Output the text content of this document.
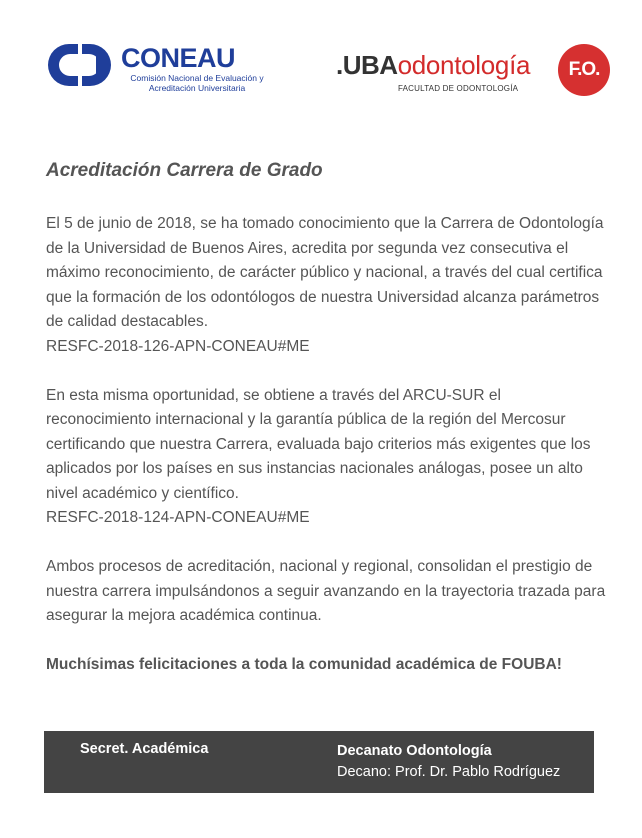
CONEAU
Comisión Nacional de Evaluación y
Acreditación Universitaria
.UBAodontología
FACULTAD DE ODONTOLOGÍA
F.O.
Acreditación Carrera de Grado

El 5 de junio de 2018, se ha tomado conocimiento que la Carrera de Odontología de la Universidad de Buenos Aires, acredita por segunda vez consecutiva el máximo reconocimiento, de carácter público y nacional, a través del cual certifica que la formación de los odontólogos de nuestra Universidad alcanza parámetros de calidad destacables.
RESFC-2018-126-APN-CONEAU#ME

En esta misma oportunidad, se obtiene a través del ARCU-SUR el reconocimiento internacional y la garantía pública de la región del Mercosur certificando que nuestra Carrera, evaluada bajo criterios más exigentes que los aplicados por los países en sus instancias nacionales análogas, posee un alto nivel académico y científico.
RESFC-2018-124-APN-CONEAU#ME

Ambos procesos de acreditación, nacional y regional, consolidan el prestigio de nuestra carrera impulsándonos a seguir avanzando en la trayectoria trazada para asegurar la mejora académica continua.

Muchísimas felicitaciones a toda la comunidad académica de FOUBA!

Secret. Académica	Decanato Odontología
Decano: Prof. Dr. Pablo Rodríguez
